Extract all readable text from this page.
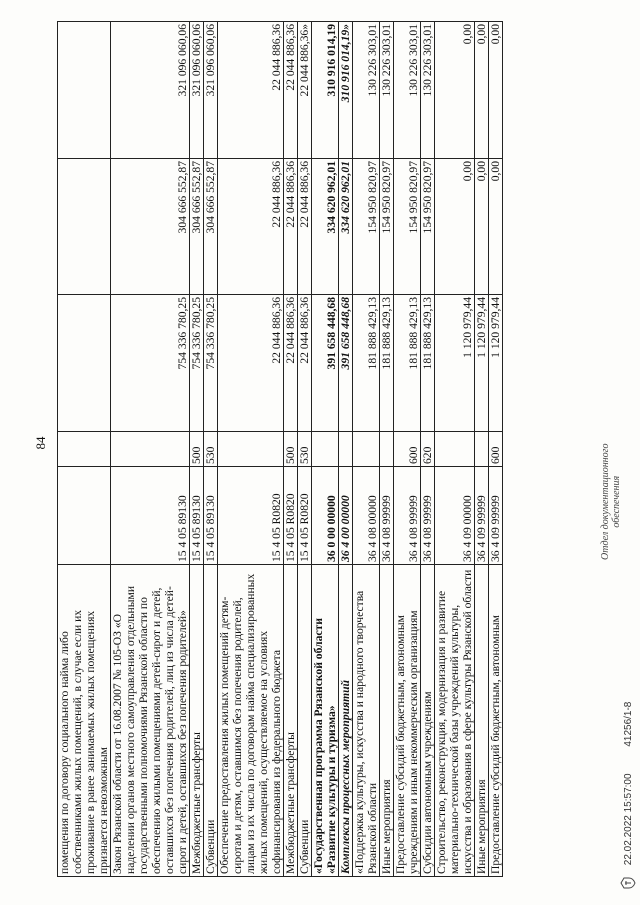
84
помещения по договору социального найма либо собственниками жилых помещений, в случае если их проживание в ранее занимаемых жилых помещениях признается невозможным					
Закон Рязанской области от 16.08.2007 № 105-ОЗ «О наделении органов местного самоуправления отдельными государственными полномочиями Рязанской области по обеспечению жилыми помещениями детей-сирот и детей, оставшихся без попечения родителей, лиц из числа детей-сирот и детей, оставшихся без попечения родителей»	15 4 05 89130		754 336 780,25	304 666 552,87	321 096 060,06
Межбюджетные трансферты	15 4 05 89130	500	754 336 780,25	304 666 552,87	321 096 060,06
Субвенции	15 4 05 89130	530	754 336 780,25	304 666 552,87	321 096 060,06
Обеспечение предоставления жилых помещений детям-сиротам и детям, оставшимся без попечения родителей, лицам из их числа по договорам найма специализированных жилых помещений, осуществляемое на условиях софинансирования из федерального бюджета	15 4 05 R0820		22 044 886,36	22 044 886,36	22 044 886,36
Межбюджетные трансферты	15 4 05 R0820	500	22 044 886,36	22 044 886,36	22 044 886,36
Субвенции	15 4 05 R0820	530	22 044 886,36	22 044 886,36	22 044 886,36»
«Государственная программа Рязанской области «Развитие культуры и туризма»	36 0 00 00000		391 658 448,68	334 620 962,01	310 916 014,19
Комплексы процессных мероприятий	36 4 00 00000		391 658 448,68	334 620 962,01	310 916 014,19»
«Поддержка культуры, искусства и народного творчества Рязанской области	36 4 08 00000		181 888 429,13	154 950 820,97	130 226 303,01
Иные мероприятия	36 4 08 99999		181 888 429,13	154 950 820,97	130 226 303,01
Предоставление субсидий бюджетным, автономным учреждениям и иным некоммерческим организациям	36 4 08 99999	600	181 888 429,13	154 950 820,97	130 226 303,01
Субсидии автономным учреждениям	36 4 08 99999	620	181 888 429,13	154 950 820,97	130 226 303,01
Строительство, реконструкция, модернизация и развитие материально-технической базы учреждений культуры, искусства и образования в сфере культуры Рязанской области	36 4 09 00000		1 120 979,44	0,00	0,00
Иные мероприятия	36 4 09 99999		1 120 979,44	0,00	0,00
Предоставление субсидий бюджетным, автономным	36 4 09 99999	600	1 120 979,44	0,00	0,00
Отдел документационного обеспечения
22.02.2022 15:57:00 41256/1-8
